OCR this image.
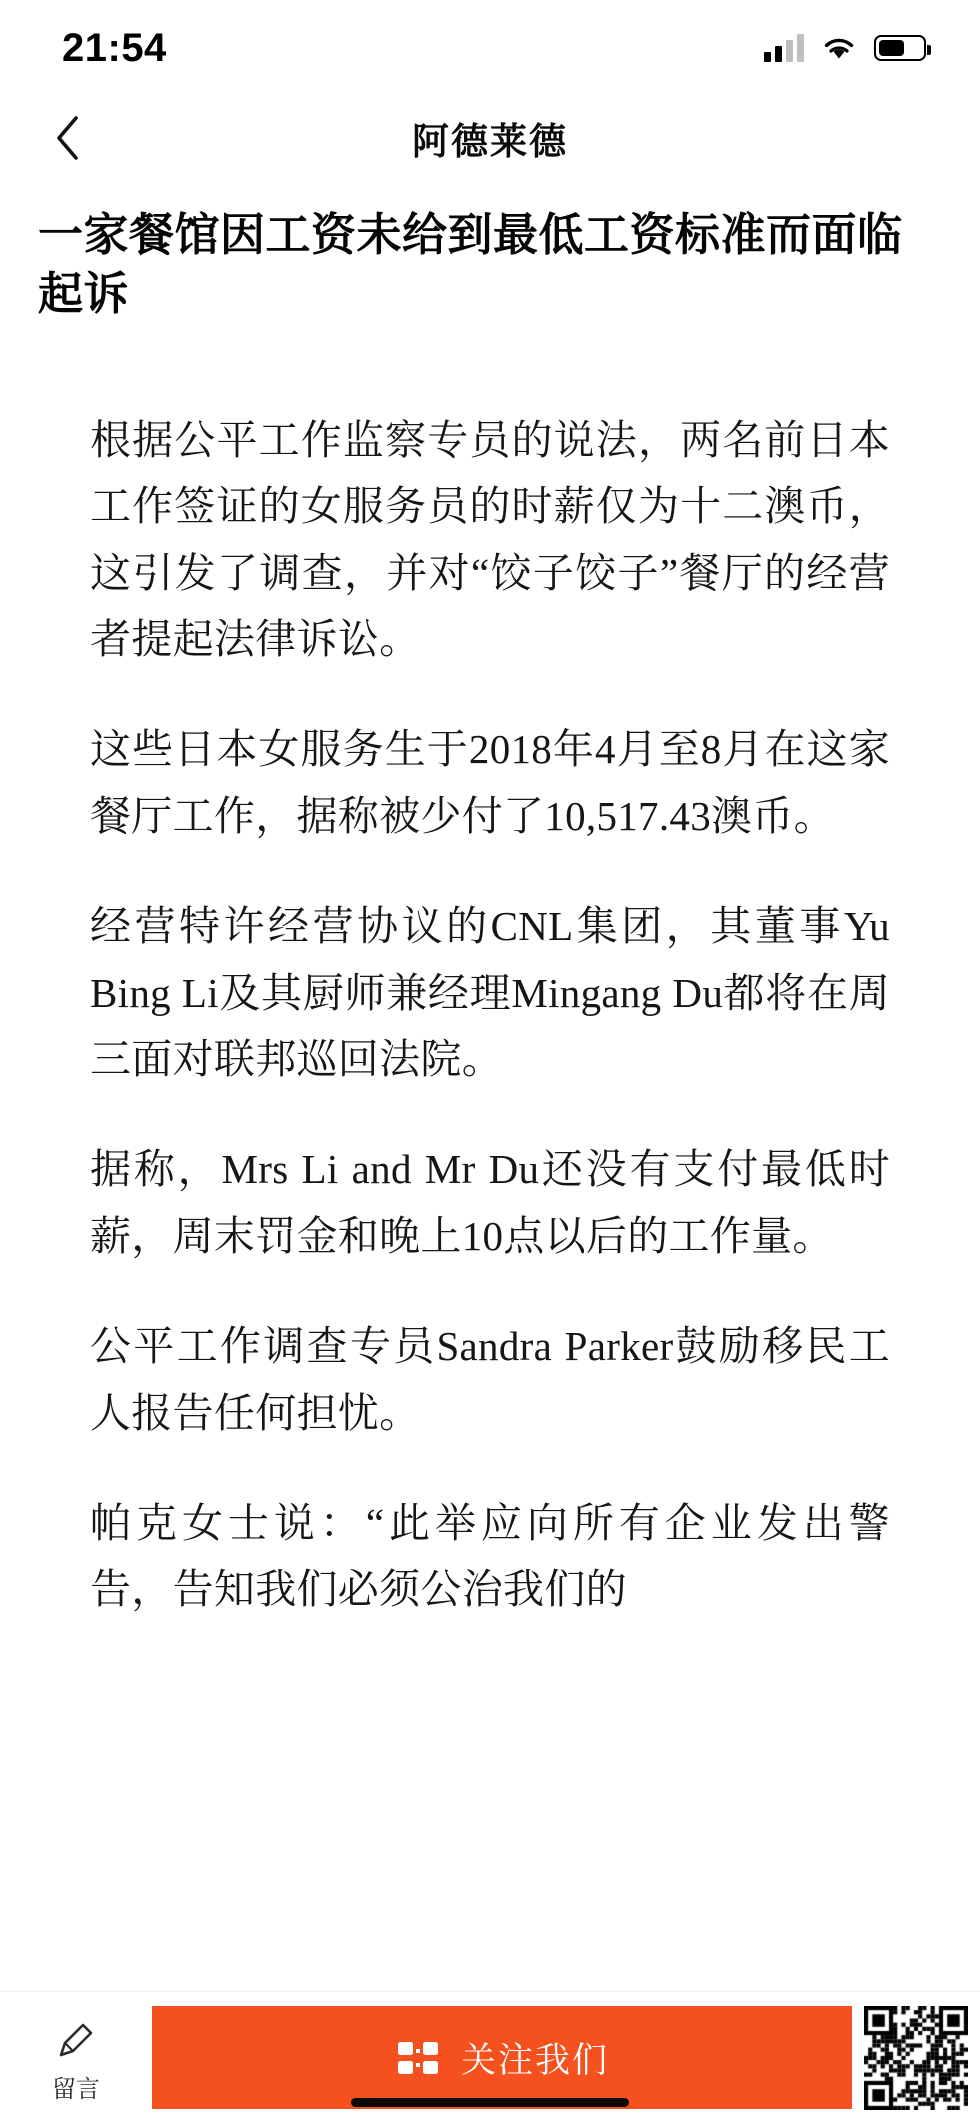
21:54
阿德莱德
一家餐馆因工资未给到最低工资标准而面临起诉

根据公平工作监察专员的说法，两名前日本工作签证的女服务员的时薪仅为十二澳币，这引发了调查，并对“饺子饺子”餐厅的经营者提起法律诉讼。

这些日本女服务生于2018年4月至8月在这家餐厅工作，据称被少付了10,517.43澳币。

经营特许经营协议的CNL集团，其董事Yu Bing Li及其厨师兼经理Mingang Du都将在周三面对联邦巡回法院。

据称，Mrs Li and Mr Du还没有支付最低时薪，周末罚金和晚上10点以后的工作量。

公平工作调查专员Sandra Parker鼓励移民工人报告任何担忧。

帕克女士说：“此举应向所有企业发出警告，告知我们必须公治我们的

留言
关注我们
